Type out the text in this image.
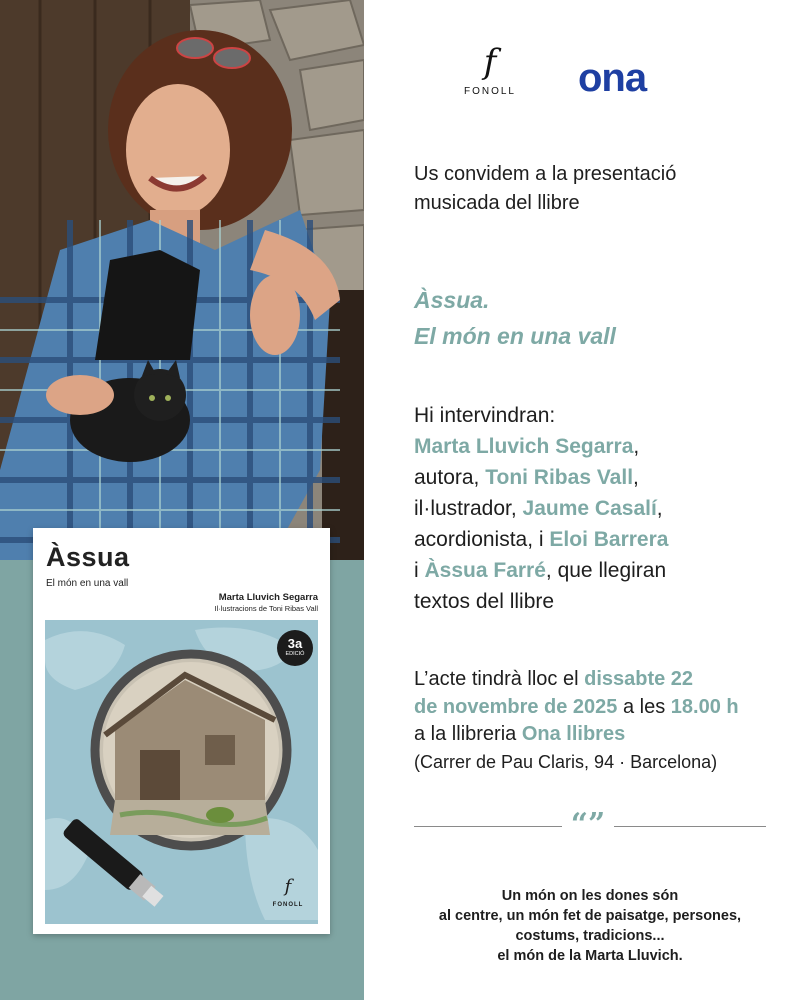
Àssua
El món en una vall
Marta Lluvich Segarra
Il·lustracions de Toni Ribas Vall
3a
EDICIÓ
f
FONOLL
f
FONOLL ona
Us convidem a la presentació
musicada del llibre
Àssua.
El món en una vall
Hi intervindran:
Marta Lluvich Segarra,
autora, Toni Ribas Vall,
il·lustrador, Jaume Casalí,
acordionista, i Eloi Barrera
i Àssua Farré, que llegiran
textos del llibre
L’acte tindrà lloc el dissabte 22
de novembre de 2025 a les 18.00 h
a la llibreria Ona llibres
(Carrer de Pau Claris, 94 · Barcelona)
“”
Un món on les dones són
al centre, un món fet de paisatge, persones,
costums, tradicions...
el món de la Marta Lluvich.
